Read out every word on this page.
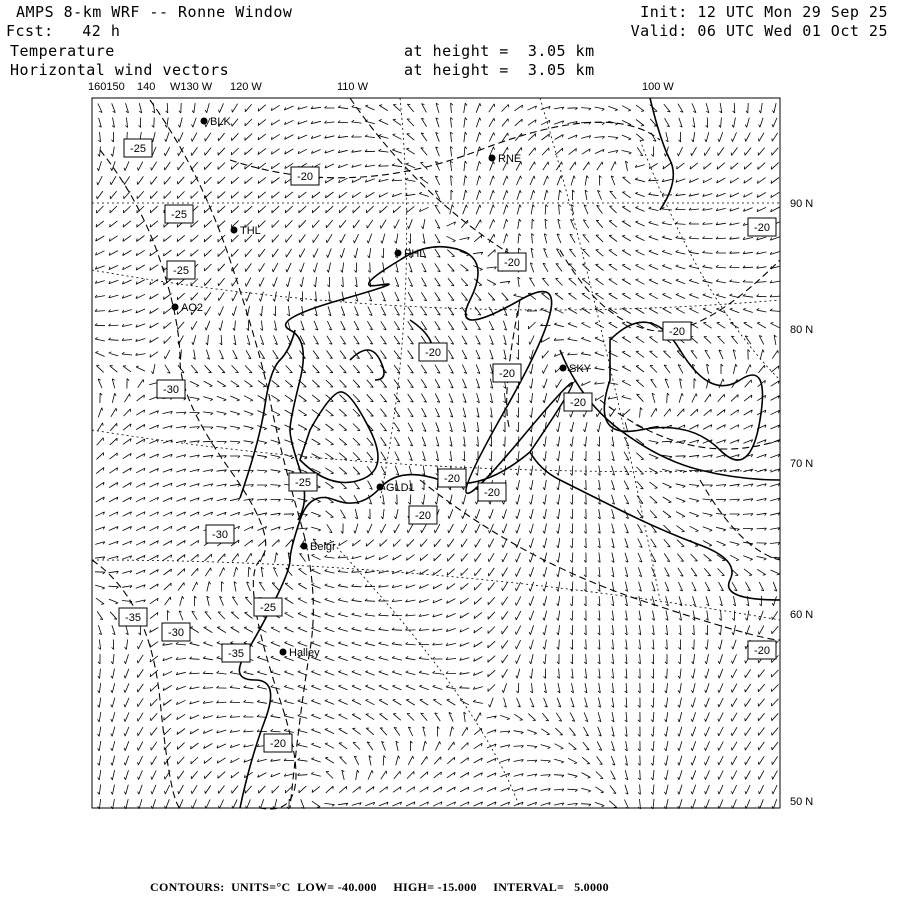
160150 140 W130 W 120 W	110 W	100 W
90 N
80 N
70 N
60 N
50 N
BLK
RNE
THL
PHL
AO2
SKY
GLD1
Belgr
Halley
-25
-20
-25
-20
-20
-25
-20
-20
-20
-30
-20
-20
-25
-20
-20
-30
-25
-35
-30
-35	-20
-20
AMPS 8-km WRF -- Ronne Window
Fcst:   42 h
Temperature
Horizontal wind vectors
Init: 12 UTC Mon 29 Sep 25
Valid: 06 UTC Wed 01 Oct 25
at height =  3.05 km
at height =  3.05 km
CONTOURS:  UNITS=°C  LOW= -40.000     HIGH= -15.000     INTERVAL=   5.0000
